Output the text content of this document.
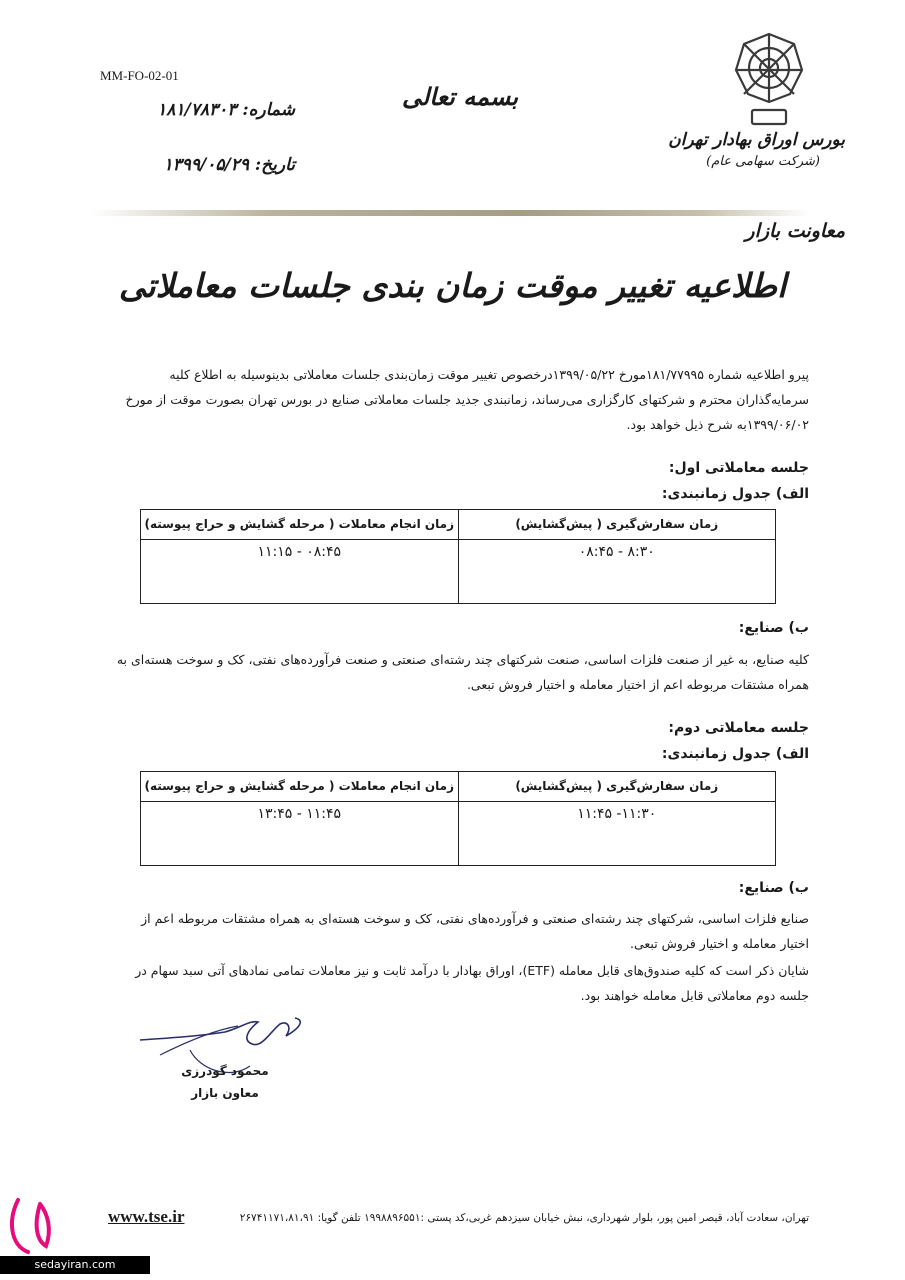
MM-FO-02-01
بسمه تعالی
شماره: ۱۸۱/۷۸۳۰۳
تاریخ: ۱۳۹۹/۰۵/۲۹
بورس اوراق بهادار تهران
(شرکت سهامی عام)
معاونت بازار
اطلاعیه تغییر موقت زمان بندی جلسات معاملاتی
پیرو اطلاعیه شماره ۱۸۱/۷۷۹۹۵مورخ ۱۳۹۹/۰۵/۲۲درخصوص تغییر موقت زمان‌بندی جلسات معاملاتی بدینوسیله به اطلاع کلیه سرمایه‌گذاران محترم و شرکتهای کارگزاری می‌رساند، زمانبندی جدید جلسات معاملاتی صنایع در بورس تهران بصورت موقت از مورخ ۱۳۹۹/۰۶/۰۲به شرح ذیل خواهد بود.
جلسه معاملاتی اول:
الف) جدول زمانبندی:
زمان سفارش‌گیری ( پیش‌گشایش)	زمان انجام معاملات ( مرحله گشایش و حراج پیوسته)
۸:۳۰ - ۰۸:۴۵	۰۸:۴۵ - ۱۱:۱۵
ب) صنایع:
کلیه صنایع، به غیر از صنعت فلزات اساسی، صنعت شرکتهای چند رشته‌ای صنعتی و صنعت فرآورده‌های نفتی، کک و سوخت هسته‌ای به همراه مشتقات مربوطه اعم از اختیار معامله و اختیار فروش تبعی.
جلسه معاملاتی دوم:
الف) جدول زمانبندی:
زمان سفارش‌گیری ( پیش‌گشایش)	زمان انجام معاملات ( مرحله گشایش و حراج پیوسته)
۱۱:۳۰- ۱۱:۴۵	۱۱:۴۵ - ۱۳:۴۵
ب) صنایع:
صنایع فلزات اساسی، شرکتهای چند رشته‌ای صنعتی و فرآورده‌های نفتی، کک و سوخت هسته‌ای به همراه مشتقات مربوطه اعم از اختیار معامله و اختیار فروش تبعی.
شایان ذکر است که کلیه صندوق‌های قابل معامله (ETF)، اوراق بهادار با درآمد ثابت و نیز معاملات تمامی نمادهای آتی سبد سهام در جلسه دوم معاملاتی قابل معامله خواهند بود.
محمود گودرزی
معاون بازار
www.tse.ir	تهران، سعادت آباد، قیصر امین پور، بلوار شهرداری، نبش خیابان سیزدهم غربی،کد پستی :۱۹۹۸۸۹۶۵۵۱ تلفن گویا: ۲۶۷۴۱۱۷۱،۸۱،۹۱
sedayiran.com
